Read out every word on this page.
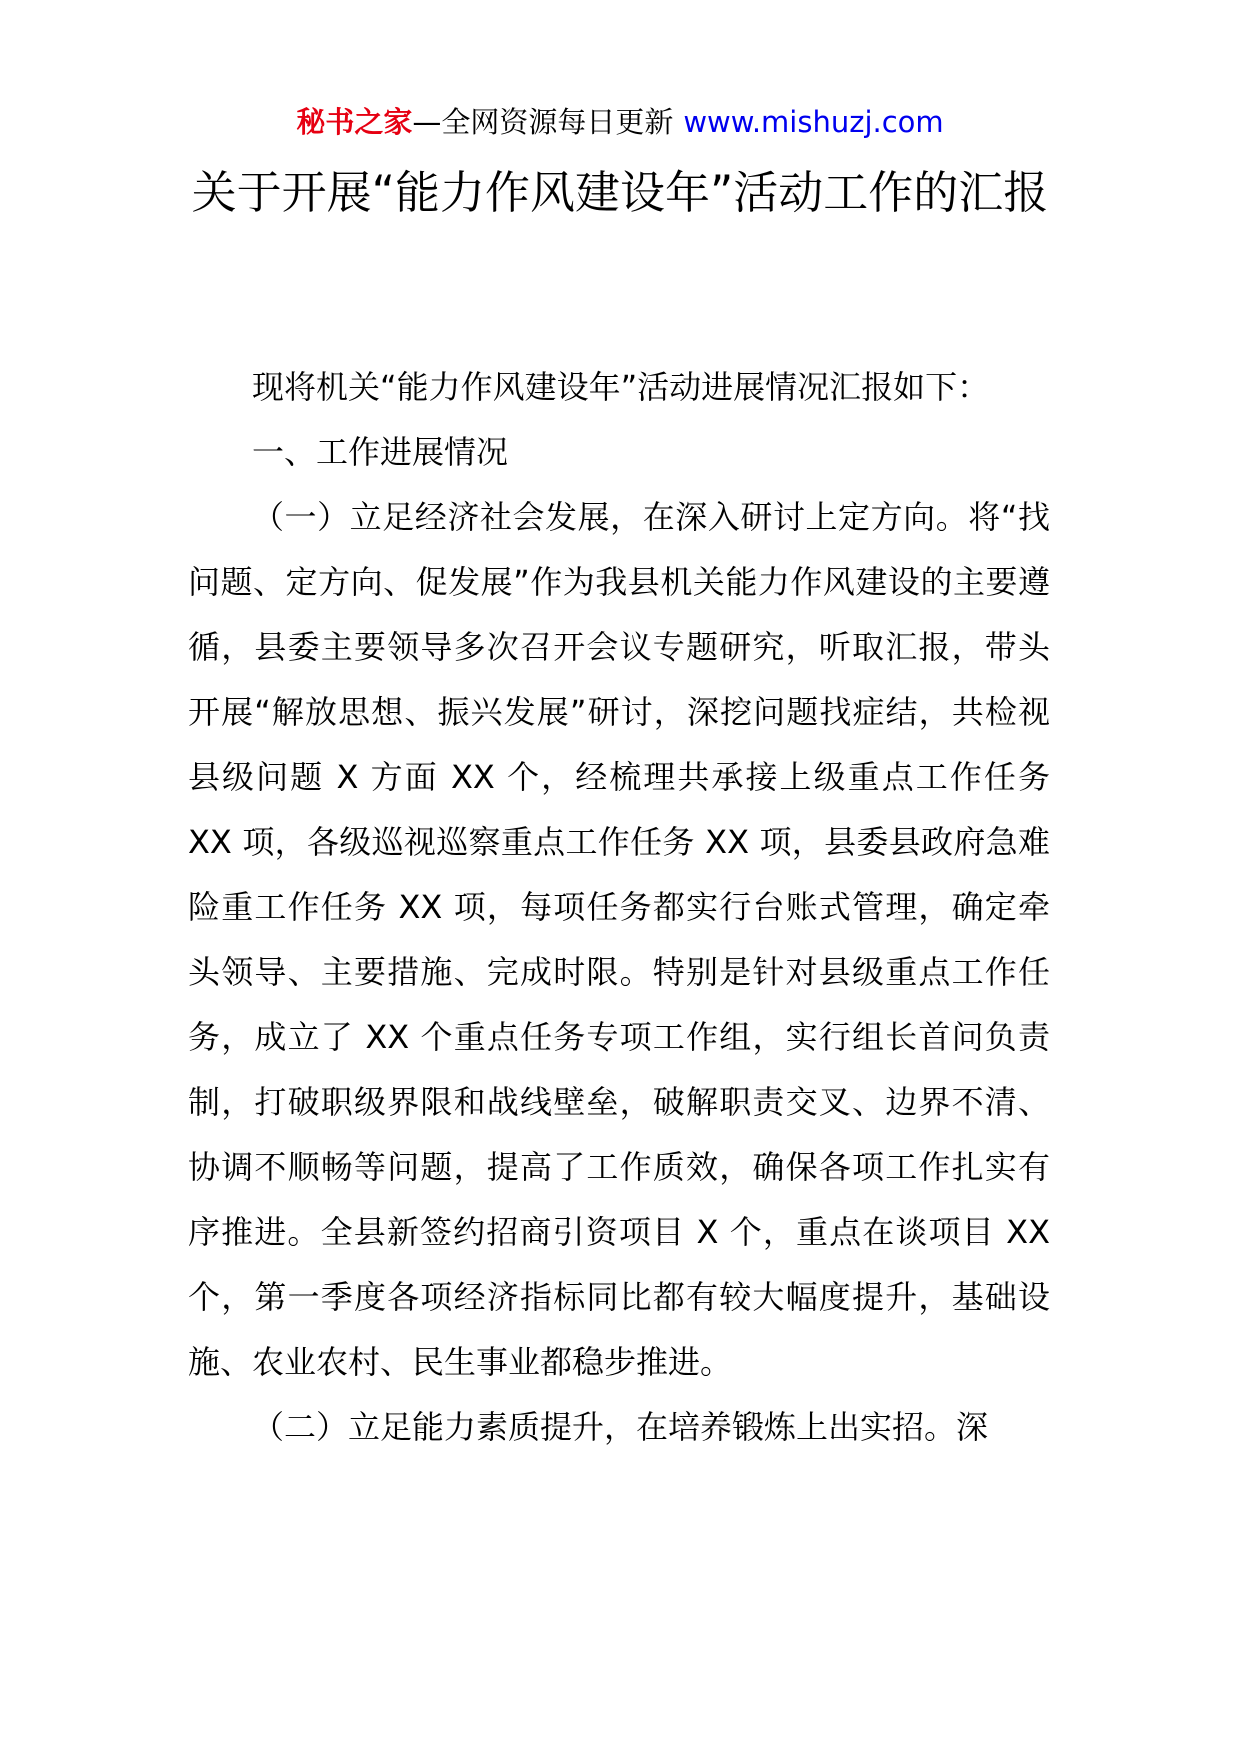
秘书之家—全网资源每日更新 www.mishuzj.com
关于开展“能力作风建设年”活动工作的汇报

现将机关“能力作风建设年”活动进展情况汇报如下：

一、工作进展情况

（一）立足经济社会发展，在深入研讨上定方向。将“找问题、定方向、促发展”作为我县机关能力作风建设的主要遵循，县委主要领导多次召开会议专题研究，听取汇报，带头开展“解放思想、振兴发展”研讨，深挖问题找症结，共检视县级问题 X 方面 XX 个，经梳理共承接上级重点工作任务 XX 项，各级巡视巡察重点工作任务 XX 项，县委县政府急难险重工作任务 XX 项，每项任务都实行台账式管理，确定牵头领导、主要措施、完成时限。特别是针对县级重点工作任务，成立了 XX 个重点任务专项工作组，实行组长首问负责制，打破职级界限和战线壁垒，破解职责交叉、边界不清、协调不顺畅等问题，提高了工作质效，确保各项工作扎实有序推进。全县新签约招商引资项目 X 个，重点在谈项目 XX 个，第一季度各项经济指标同比都有较大幅度提升，基础设施、农业农村、民生事业都稳步推进。

（二）立足能力素质提升，在培养锻炼上出实招。深
